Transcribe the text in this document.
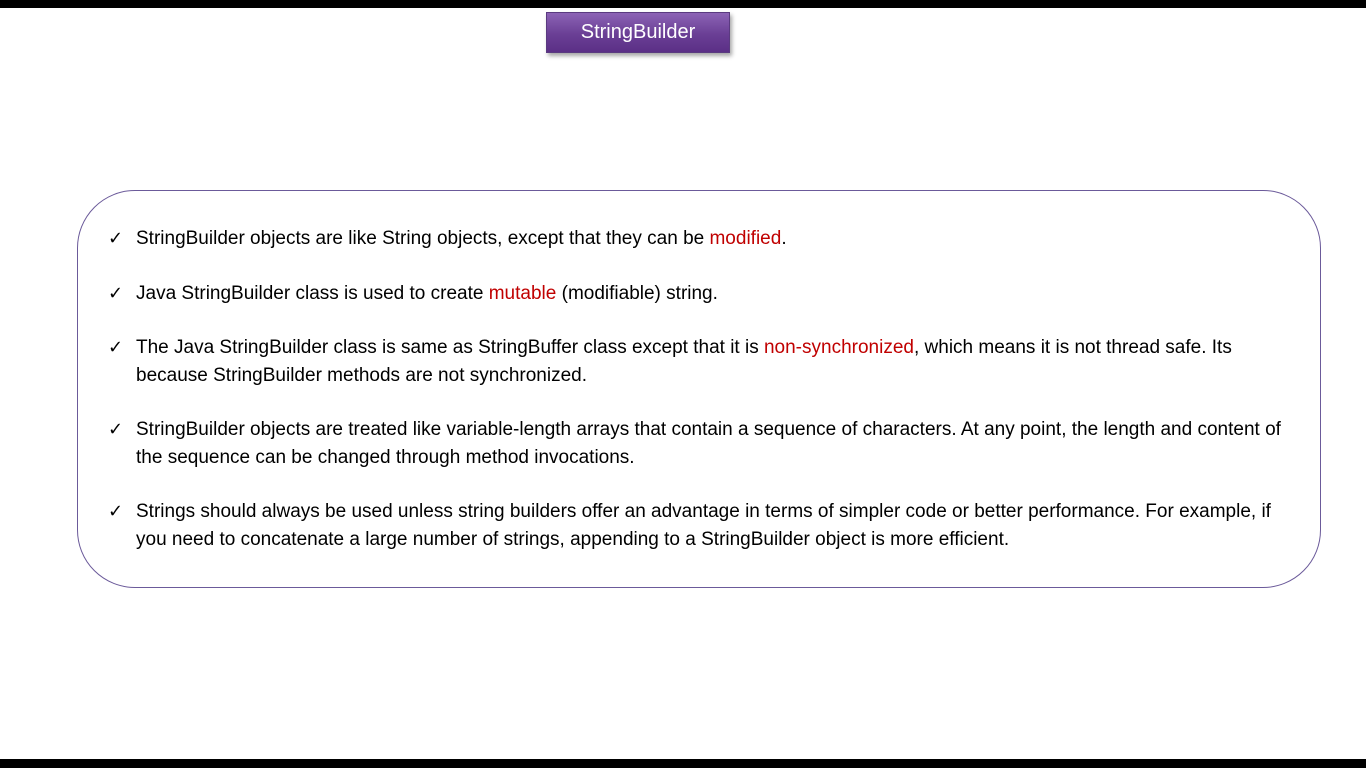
StringBuilder
✓ StringBuilder objects are like String objects, except that they can be modified.
✓ Java StringBuilder class is used to create mutable (modifiable) string.
✓ The Java StringBuilder class is same as StringBuffer class except that it is non-synchronized, which means it is not thread safe. Its because StringBuilder methods are not synchronized.
✓ StringBuilder objects are treated like variable-length arrays that contain a sequence of characters. At any point, the length and content of the sequence can be changed through method invocations.
✓ Strings should always be used unless string builders offer an advantage in terms of simpler code or better performance. For example, if you need to concatenate a large number of strings, appending to a StringBuilder object is more efficient.
